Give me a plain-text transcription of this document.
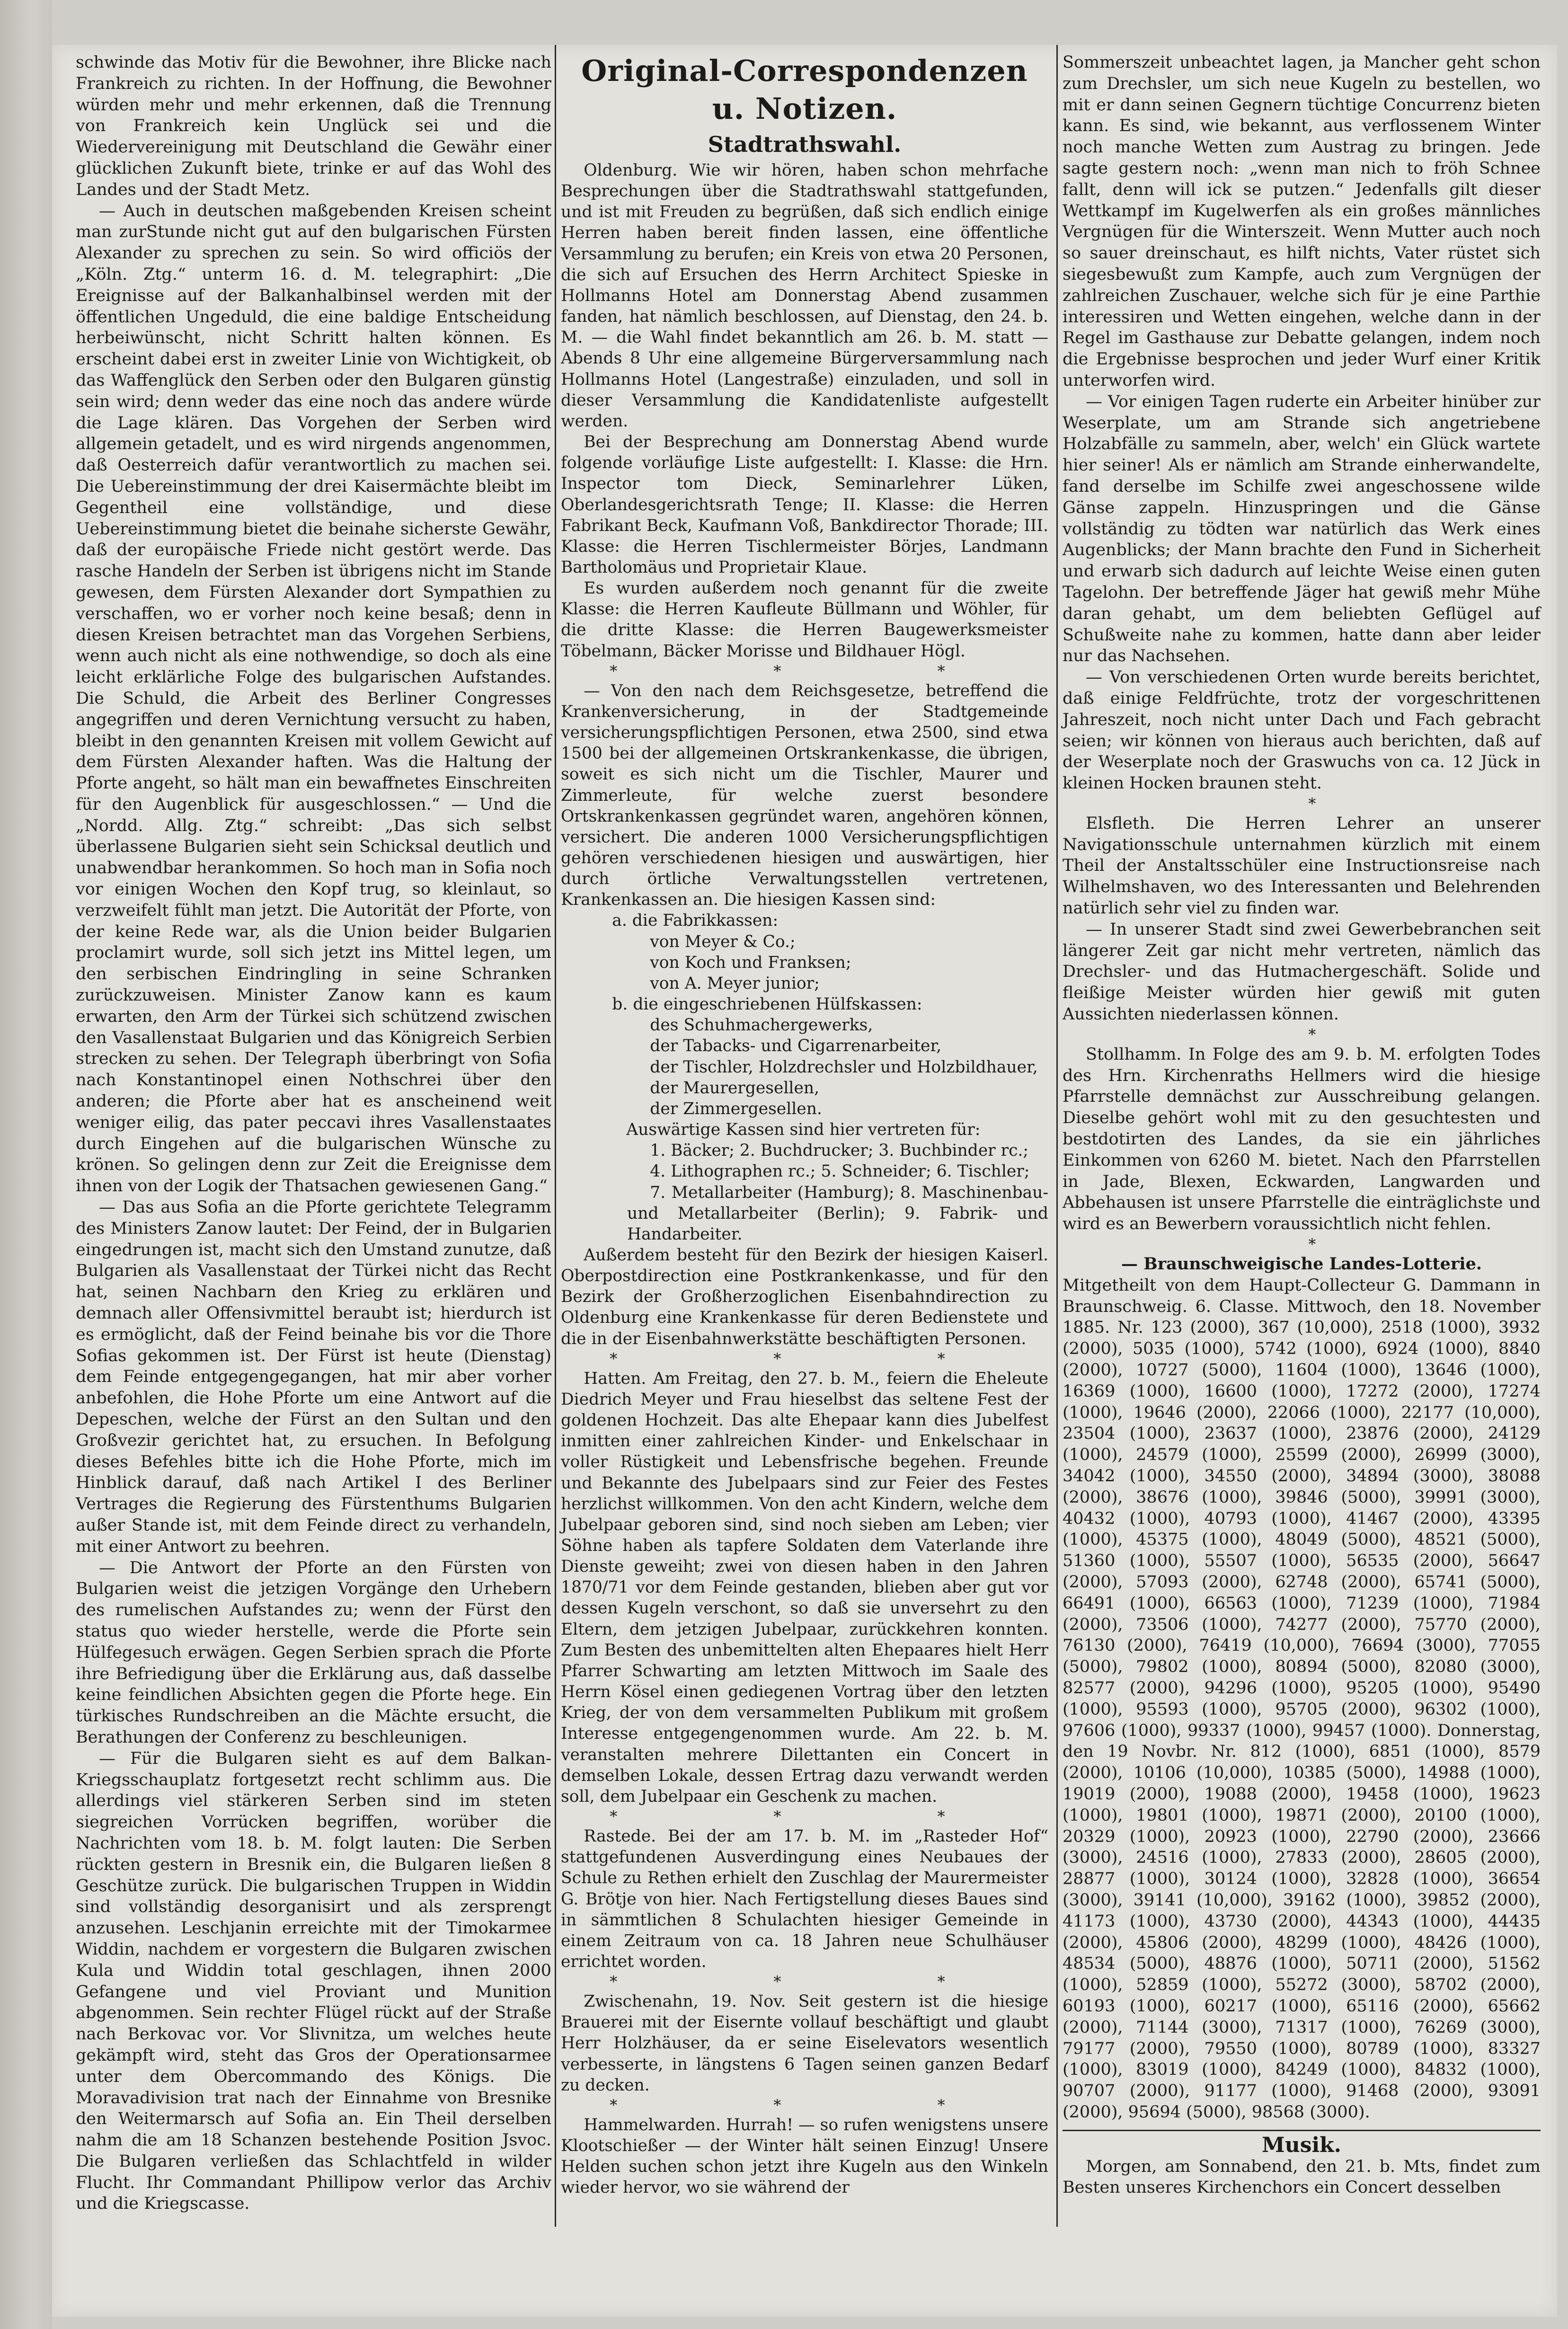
schwinde das Motiv für die Bewohner, ihre Blicke nach Frankreich zu richten. In der Hoffnung, die Bewohner würden mehr und mehr erkennen, daß die Trennung von Frankreich kein Unglück sei und die Wiedervereinigung mit Deutschland die Gewähr einer glücklichen Zukunft biete, trinke er auf das Wohl des Landes und der Stadt Metz.

— Auch in deutschen maßgebenden Kreisen scheint man zurStunde nicht gut auf den bulgarischen Fürsten Alexander zu sprechen zu sein. So wird officiös der „Köln. Ztg.“ unterm 16. d. M. telegraphirt: „Die Ereignisse auf der Balkanhalbinsel werden mit der öffentlichen Ungeduld, die eine baldige Entscheidung herbeiwünscht, nicht Schritt halten können. Es erscheint dabei erst in zweiter Linie von Wichtigkeit, ob das Waffenglück den Serben oder den Bulgaren günstig sein wird; denn weder das eine noch das andere würde die Lage klären. Das Vorgehen der Serben wird allgemein getadelt, und es wird nirgends angenommen, daß Oesterreich dafür verantwortlich zu machen sei. Die Uebereinstimmung der drei Kaisermächte bleibt im Gegentheil eine vollständige, und diese Uebereinstimmung bietet die beinahe sicherste Gewähr, daß der europäische Friede nicht gestört werde. Das rasche Handeln der Serben ist übrigens nicht im Stande gewesen, dem Fürsten Alexander dort Sympathien zu verschaffen, wo er vorher noch keine besaß; denn in diesen Kreisen betrachtet man das Vorgehen Serbiens, wenn auch nicht als eine nothwendige, so doch als eine leicht erklärliche Folge des bulgarischen Aufstandes. Die Schuld, die Arbeit des Berliner Congresses angegriffen und deren Vernichtung versucht zu haben, bleibt in den genannten Kreisen mit vollem Gewicht auf dem Fürsten Alexander haften. Was die Haltung der Pforte angeht, so hält man ein bewaffnetes Einschreiten für den Augenblick für ausgeschlossen.“ — Und die „Nordd. Allg. Ztg.“ schreibt: „Das sich selbst überlassene Bulgarien sieht sein Schicksal deutlich und unabwendbar herankommen. So hoch man in Sofia noch vor einigen Wochen den Kopf trug, so kleinlaut, so verzweifelt fühlt man jetzt. Die Autorität der Pforte, von der keine Rede war, als die Union beider Bulgarien proclamirt wurde, soll sich jetzt ins Mittel legen, um den serbischen Eindringling in seine Schranken zurückzuweisen. Minister Zanow kann es kaum erwarten, den Arm der Türkei sich schützend zwischen den Vasallenstaat Bulgarien und das Königreich Serbien strecken zu sehen. Der Telegraph überbringt von Sofia nach Konstantinopel einen Nothschrei über den anderen; die Pforte aber hat es anscheinend weit weniger eilig, das pater peccavi ihres Vasallenstaates durch Eingehen auf die bulgarischen Wünsche zu krönen. So gelingen denn zur Zeit die Ereignisse dem ihnen von der Logik der Thatsachen gewiesenen Gang.“

— Das aus Sofia an die Pforte gerichtete Telegramm des Ministers Zanow lautet: Der Feind, der in Bulgarien eingedrungen ist, macht sich den Umstand zunutze, daß Bulgarien als Vasallenstaat der Türkei nicht das Recht hat, seinen Nachbarn den Krieg zu erklären und demnach aller Offensivmittel beraubt ist; hierdurch ist es ermöglicht, daß der Feind beinahe bis vor die Thore Sofias gekommen ist. Der Fürst ist heute (Dienstag) dem Feinde entgegengegangen, hat mir aber vorher anbefohlen, die Hohe Pforte um eine Antwort auf die Depeschen, welche der Fürst an den Sultan und den Großvezir gerichtet hat, zu ersuchen. In Befolgung dieses Befehles bitte ich die Hohe Pforte, mich im Hinblick darauf, daß nach Artikel I des Berliner Vertrages die Regierung des Fürstenthums Bulgarien außer Stande ist, mit dem Feinde direct zu verhandeln, mit einer Antwort zu beehren.

— Die Antwort der Pforte an den Fürsten von Bulgarien weist die jetzigen Vorgänge den Urhebern des rumelischen Aufstandes zu; wenn der Fürst den status quo wieder herstelle, werde die Pforte sein Hülfegesuch erwägen. Gegen Serbien sprach die Pforte ihre Befriedigung über die Erklärung aus, daß dasselbe keine feindlichen Absichten gegen die Pforte hege. Ein türkisches Rundschreiben an die Mächte ersucht, die Berathungen der Conferenz zu beschleunigen.

— Für die Bulgaren sieht es auf dem Balkan-Kriegsschauplatz fortgesetzt recht schlimm aus. Die allerdings viel stärkeren Serben sind im steten siegreichen Vorrücken begriffen, worüber die Nachrichten vom 18. b. M. folgt lauten: Die Serben rückten gestern in Bresnik ein, die Bulgaren ließen 8 Geschütze zurück. Die bulgarischen Truppen in Widdin sind vollständig desorganisirt und als zersprengt anzusehen. Leschjanin erreichte mit der Timokarmee Widdin, nachdem er vorgestern die Bulgaren zwischen Kula und Widdin total geschlagen, ihnen 2000 Gefangene und viel Proviant und Munition abgenommen. Sein rechter Flügel rückt auf der Straße nach Berkovac vor. Vor Slivnitza, um welches heute gekämpft wird, steht das Gros der Operationsarmee unter dem Obercommando des Königs. Die Moravadivision trat nach der Einnahme von Bresnike den Weitermarsch auf Sofia an. Ein Theil derselben nahm die am 18 Schanzen bestehende Position Jsvoc. Die Bulgaren verließen das Schlachtfeld in wilder Flucht. Ihr Commandant Phillipow verlor das Archiv und die Kriegscasse.

Original-Correspondenzen u. Notizen.
Stadtrathswahl.

Oldenburg. Wie wir hören, haben schon mehrfache Besprechungen über die Stadtrathswahl stattgefunden, und ist mit Freuden zu begrüßen, daß sich endlich einige Herren haben bereit finden lassen, eine öffentliche Versammlung zu berufen; ein Kreis von etwa 20 Personen, die sich auf Ersuchen des Herrn Architect Spieske in Hollmanns Hotel am Donnerstag Abend zusammen fanden, hat nämlich beschlossen, auf Dienstag, den 24. b. M. — die Wahl findet bekanntlich am 26. b. M. statt — Abends 8 Uhr eine allgemeine Bürgerversammlung nach Hollmanns Hotel (Langestraße) einzuladen, und soll in dieser Versammlung die Kandidatenliste aufgestellt werden.

Bei der Besprechung am Donnerstag Abend wurde folgende vorläufige Liste aufgestellt: I. Klasse: die Hrn. Inspector tom Dieck, Seminarlehrer Lüken, Oberlandesgerichtsrath Tenge; II. Klasse: die Herren Fabrikant Beck, Kaufmann Voß, Bankdirector Thorade; III. Klasse: die Herren Tischlermeister Börjes, Landmann Bartholomäus und Proprietair Klaue.

Es wurden außerdem noch genannt für die zweite Klasse: die Herren Kaufleute Büllmann und Wöhler, für die dritte Klasse: die Herren Baugewerksmeister Töbelmann, Bäcker Morisse und Bildhauer Högl.

* * *

— Von den nach dem Reichsgesetze, betreffend die Krankenversicherung, in der Stadtgemeinde versicherungspflichtigen Personen, etwa 2500, sind etwa 1500 bei der allgemeinen Ortskrankenkasse, die übrigen, soweit es sich nicht um die Tischler, Maurer und Zimmerleute, für welche zuerst besondere Ortskrankenkassen gegründet waren, angehören können, versichert. Die anderen 1000 Versicherungspflichtigen gehören verschiedenen hiesigen und auswärtigen, hier durch örtliche Verwaltungsstellen vertretenen, Krankenkassen an. Die hiesigen Kassen sind:

a. die Fabrikkassen:

von Meyer & Co.;

von Koch und Franksen;

von A. Meyer junior;

b. die eingeschriebenen Hülfskassen:

des Schuhmachergewerks,

der Tabacks- und Cigarrenarbeiter,

der Tischler, Holzdrechsler und Holzbildhauer,

der Maurergesellen,

der Zimmergesellen.

Auswärtige Kassen sind hier vertreten für:

1. Bäcker; 2. Buchdrucker; 3. Buchbinder rc.;

4. Lithographen rc.; 5. Schneider; 6. Tischler;

7. Metallarbeiter (Hamburg); 8. Maschinenbau- und Metallarbeiter (Berlin); 9. Fabrik- und Handarbeiter.

Außerdem besteht für den Bezirk der hiesigen Kaiserl. Oberpostdirection eine Postkrankenkasse, und für den Bezirk der Großherzoglichen Eisenbahndirection zu Oldenburg eine Krankenkasse für deren Bedienstete und die in der Eisenbahnwerkstätte beschäftigten Personen.

* * *

Hatten. Am Freitag, den 27. b. M., feiern die Eheleute Diedrich Meyer und Frau hieselbst das seltene Fest der goldenen Hochzeit. Das alte Ehepaar kann dies Jubelfest inmitten einer zahlreichen Kinder- und Enkelschaar in voller Rüstigkeit und Lebensfrische begehen. Freunde und Bekannte des Jubelpaars sind zur Feier des Festes herzlichst willkommen. Von den acht Kindern, welche dem Jubelpaar geboren sind, sind noch sieben am Leben; vier Söhne haben als tapfere Soldaten dem Vaterlande ihre Dienste geweiht; zwei von diesen haben in den Jahren 1870/71 vor dem Feinde gestanden, blieben aber gut vor dessen Kugeln verschont, so daß sie unversehrt zu den Eltern, dem jetzigen Jubelpaar, zurückkehren konnten. Zum Besten des unbemittelten alten Ehepaares hielt Herr Pfarrer Schwarting am letzten Mittwoch im Saale des Herrn Kösel einen gediegenen Vortrag über den letzten Krieg, der von dem versammelten Publikum mit großem Interesse entgegengenommen wurde. Am 22. b. M. veranstalten mehrere Dilettanten ein Concert in demselben Lokale, dessen Ertrag dazu verwandt werden soll, dem Jubelpaar ein Geschenk zu machen.

* * *

Rastede. Bei der am 17. b. M. im „Rasteder Hof“ stattgefundenen Ausverdingung eines Neubaues der Schule zu Rethen erhielt den Zuschlag der Maurermeister G. Brötje von hier. Nach Fertigstellung dieses Baues sind in sämmtlichen 8 Schulachten hiesiger Gemeinde in einem Zeitraum von ca. 18 Jahren neue Schulhäuser errichtet worden.

* * *

Zwischenahn, 19. Nov. Seit gestern ist die hiesige Brauerei mit der Eisernte vollauf beschäftigt und glaubt Herr Holzhäuser, da er seine Eiselevators wesentlich verbesserte, in längstens 6 Tagen seinen ganzen Bedarf zu decken.

* * *

Hammelwarden. Hurrah! — so rufen wenigstens unsere Klootschießer — der Winter hält seinen Einzug! Unsere Helden suchen schon jetzt ihre Kugeln aus den Winkeln wieder hervor, wo sie während der

Sommerszeit unbeachtet lagen, ja Mancher geht schon zum Drechsler, um sich neue Kugeln zu bestellen, wo mit er dann seinen Gegnern tüchtige Concurrenz bieten kann. Es sind, wie bekannt, aus verflossenem Winter noch manche Wetten zum Austrag zu bringen. Jede sagte gestern noch: „wenn man nich to fröh Schnee fallt, denn will ick se putzen.“ Jedenfalls gilt dieser Wettkampf im Kugelwerfen als ein großes männliches Vergnügen für die Winterszeit. Wenn Mutter auch noch so sauer dreinschaut, es hilft nichts, Vater rüstet sich siegesbewußt zum Kampfe, auch zum Vergnügen der zahlreichen Zuschauer, welche sich für je eine Parthie interessiren und Wetten eingehen, welche dann in der Regel im Gasthause zur Debatte gelangen, indem noch die Ergebnisse besprochen und jeder Wurf einer Kritik unterworfen wird.

— Vor einigen Tagen ruderte ein Arbeiter hinüber zur Weserplate, um am Strande sich angetriebene Holzabfälle zu sammeln, aber, welch' ein Glück wartete hier seiner! Als er nämlich am Strande einherwandelte, fand derselbe im Schilfe zwei angeschossene wilde Gänse zappeln. Hinzuspringen und die Gänse vollständig zu tödten war natürlich das Werk eines Augenblicks; der Mann brachte den Fund in Sicherheit und erwarb sich dadurch auf leichte Weise einen guten Tagelohn. Der betreffende Jäger hat gewiß mehr Mühe daran gehabt, um dem beliebten Geflügel auf Schußweite nahe zu kommen, hatte dann aber leider nur das Nachsehen.

— Von verschiedenen Orten wurde bereits berichtet, daß einige Feldfrüchte, trotz der vorgeschrittenen Jahreszeit, noch nicht unter Dach und Fach gebracht seien; wir können von hieraus auch berichten, daß auf der Weserplate noch der Graswuchs von ca. 12 Jück in kleinen Hocken braunen steht.

*

Elsfleth. Die Herren Lehrer an unserer Navigationsschule unternahmen kürzlich mit einem Theil der Anstaltsschüler eine Instructionsreise nach Wilhelmshaven, wo des Interessanten und Belehrenden natürlich sehr viel zu finden war.

— In unserer Stadt sind zwei Gewerbebranchen seit längerer Zeit gar nicht mehr vertreten, nämlich das Drechsler- und das Hutmachergeschäft. Solide und fleißige Meister würden hier gewiß mit guten Aussichten niederlassen können.

*

Stollhamm. In Folge des am 9. b. M. erfolgten Todes des Hrn. Kirchenraths Hellmers wird die hiesige Pfarrstelle demnächst zur Ausschreibung gelangen. Dieselbe gehört wohl mit zu den gesuchtesten und bestdotirten des Landes, da sie ein jährliches Einkommen von 6260 M. bietet. Nach den Pfarrstellen in Jade, Blexen, Eckwarden, Langwarden und Abbehausen ist unsere Pfarrstelle die einträglichste und wird es an Bewerbern voraussichtlich nicht fehlen.

*

— Braunschweigische Landes-Lotterie.

Mitgetheilt von dem Haupt-Collecteur G. Dammann in Braunschweig. 6. Classe. Mittwoch, den 18. November 1885. Nr. 123 (2000), 367 (10,000), 2518 (1000), 3932 (2000), 5035 (1000), 5742 (1000), 6924 (1000), 8840 (2000), 10727 (5000), 11604 (1000), 13646 (1000), 16369 (1000), 16600 (1000), 17272 (2000), 17274 (1000), 19646 (2000), 22066 (1000), 22177 (10,000), 23504 (1000), 23637 (1000), 23876 (2000), 24129 (1000), 24579 (1000), 25599 (2000), 26999 (3000), 34042 (1000), 34550 (2000), 34894 (3000), 38088 (2000), 38676 (1000), 39846 (5000), 39991 (3000), 40432 (1000), 40793 (1000), 41467 (2000), 43395 (1000), 45375 (1000), 48049 (5000), 48521 (5000), 51360 (1000), 55507 (1000), 56535 (2000), 56647 (2000), 57093 (2000), 62748 (2000), 65741 (5000), 66491 (1000), 66563 (1000), 71239 (1000), 71984 (2000), 73506 (1000), 74277 (2000), 75770 (2000), 76130 (2000), 76419 (10,000), 76694 (3000), 77055 (5000), 79802 (1000), 80894 (5000), 82080 (3000), 82577 (2000), 94296 (1000), 95205 (1000), 95490 (1000), 95593 (1000), 95705 (2000), 96302 (1000), 97606 (1000), 99337 (1000), 99457 (1000). Donnerstag, den 19 Novbr. Nr. 812 (1000), 6851 (1000), 8579 (2000), 10106 (10,000), 10385 (5000), 14988 (1000), 19019 (2000), 19088 (2000), 19458 (1000), 19623 (1000), 19801 (1000), 19871 (2000), 20100 (1000), 20329 (1000), 20923 (1000), 22790 (2000), 23666 (3000), 24516 (1000), 27833 (2000), 28605 (2000), 28877 (1000), 30124 (1000), 32828 (1000), 36654 (3000), 39141 (10,000), 39162 (1000), 39852 (2000), 41173 (1000), 43730 (2000), 44343 (1000), 44435 (2000), 45806 (2000), 48299 (1000), 48426 (1000), 48534 (5000), 48876 (1000), 50711 (2000), 51562 (1000), 52859 (1000), 55272 (3000), 58702 (2000), 60193 (1000), 60217 (1000), 65116 (2000), 65662 (2000), 71144 (3000), 71317 (1000), 76269 (3000), 79177 (2000), 79550 (1000), 80789 (1000), 83327 (1000), 83019 (1000), 84249 (1000), 84832 (1000), 90707 (2000), 91177 (1000), 91468 (2000), 93091 (2000), 95694 (5000), 98568 (3000).

Musik.

Morgen, am Sonnabend, den 21. b. Mts, findet zum Besten unseres Kirchenchors ein Concert desselben
